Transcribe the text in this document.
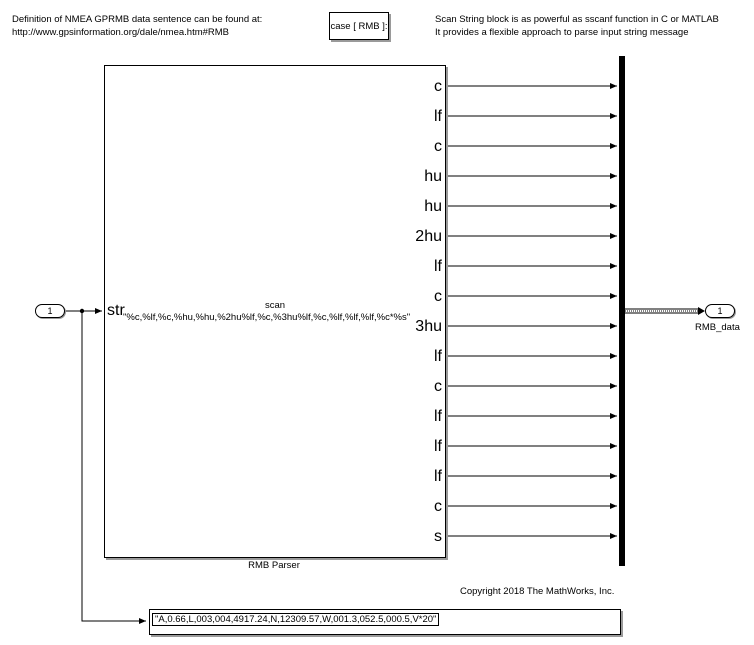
Definition of NMEA GPRMB data sentence can be found at:
http://www.gpsinformation.org/dale/nmea.htm#RMB
Scan String block is as powerful as sscanf function in C or MATLAB
It provides a flexible approach to parse input string message
case [ RMB ]:
1	str	scan
"%c,%lf,%c,%hu,%hu,%2hu%lf,%c,%3hu%lf,%c,%lf,%lf,%lf,%c*%s"
c
lf
c
hu
hu
2hu
lf
c
3hu
lf
c
lf
lf
lf
c
s
RMB Parser
1
RMB_data
"A,0.66,L,003,004,4917.24,N,12309.57,W,001.3,052.5,000.5,V*20"
Copyright 2018 The MathWorks, Inc.
